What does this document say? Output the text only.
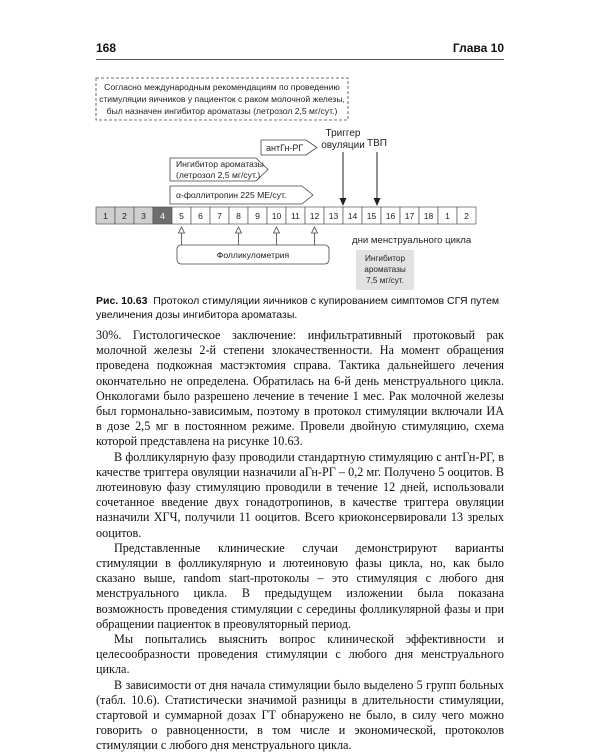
168	Глава 10
Согласно международным рекомендациям по проведению
стимуляции яичников у пациенток с раком молочной железы,
был назначен ингибитор ароматазы (летрозол 2,5 мг/сут.)
антГн-РГ
Триггер
овуляции ТВП
Ингибитор ароматазы
(летрозол 2,5 мг/сут.)
α-фоллитропин 225 МЕ/сут.
1 2 3 4 5 6 7 8 9 10 11 12 13 14 15 16 17 18 1 2
Фолликулометрия
дни менструального цикла
Ингибитор
ароматазы
7,5 мг/сут.
Рис. 10.63 Протокол стимуляции яичников с купированием симптомов СГЯ путем увеличения дозы ингибитора ароматазы.

30%. Гистологическое заключение: инфильтративный протоковый рак молочной железы 2-й степени злокачественности. На момент обращения проведена подкожная мастэктомия справа. Тактика дальнейшего лечения окончательно не определена. Обратилась на 6-й день менструального цикла. Онкологами было разрешено лечение в течение 1 мес. Рак молочной железы был гормонально-зависимым, поэтому в протокол стимуляции включали ИА в дозе 2,5 мг в постоянном режиме. Провели двойную стимуляцию, схема которой представлена на рисунке 10.63.

В фолликулярную фазу проводили стандартную стимуляцию с антГн-РГ, в качестве триггера овуляции назначили аГн-РГ – 0,2 мг. Получено 5 ооцитов. В лютеиновую фазу стимуляцию проводили в течение 12 дней, использовали сочетанное введение двух гонадотропинов, в качестве триггера овуляции назначили ХГЧ, получили 11 ооцитов. Всего криоконсервировали 13 зрелых ооцитов.

Представленные клинические случаи демонстрируют варианты стимуляции в фолликулярную и лютеиновую фазы цикла, но, как было сказано выше, random start-протоколы – это стимуляция с любого дня менструального цикла. В предыдущем изложении была показана возможность проведения стимуляции с середины фолликулярной фазы и при обращении пациенток в преовуляторный период.

Мы попытались выяснить вопрос клинической эффективности и целесообразности проведения стимуляции с любого дня менструального цикла.

В зависимости от дня начала стимуляции было выделено 5 групп больных (табл. 10.6). Статистически значимой разницы в длительности стимуляции, стартовой и суммарной дозах ГТ обнаружено не было, в силу чего можно говорить о равноценности, в том числе и экономической, протоколов стимуляции с любого дня менструального цикла.
